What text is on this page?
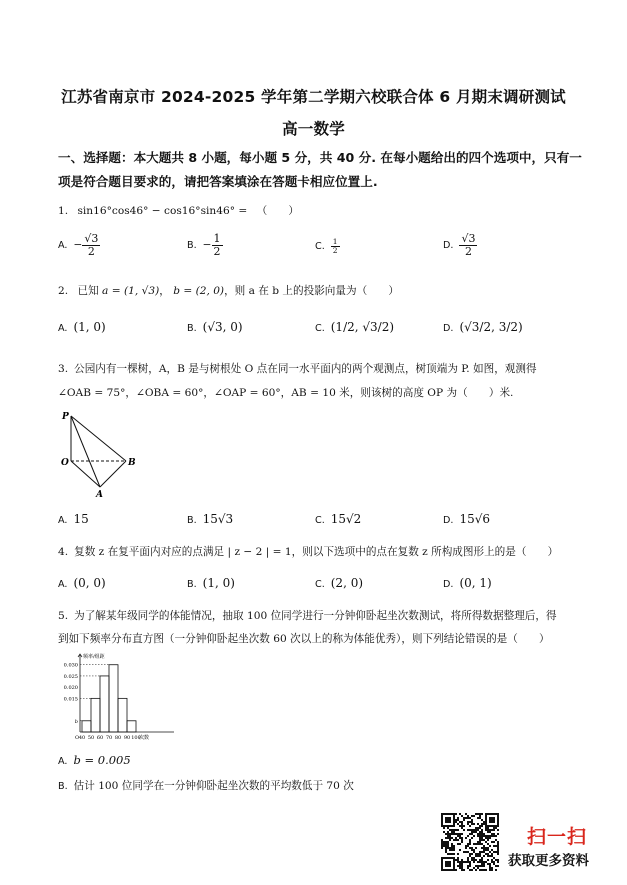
江苏省南京市 2024-2025 学年第二学期六校联合体 6 月期末调研测试
高一数学
一、选择题：本大题共 8 小题，每小题 5 分，共 40 分. 在每小题给出的四个选项中，只有一
项是符合题目要求的，请把答案填涂在答题卡相应位置上.
1. sin16°cos46° − cos16°sin46° = （　　）
A. − $\frac{√3}{2}$	B. − $\frac{1}{2}$	C. $\frac{1}{2}$	D. $\frac{√3}{2}$
2. 已知 a = (1, √3)， b = (2, 0)，则 a 在 b 上的投影向量为（　　）
A. (1, 0)	B. (√3, 0)	C. (1/2, √3/2)	D. (√3/2, 3/2)
3. 公园内有一棵树，A，B 是与树根处 O 点在同一水平面内的两个观测点，树顶端为 P. 如图，观测得
∠OAB = 75°，∠OBA = 60°，∠OAP = 60°，AB = 10 米，则该树的高度 OP 为（　　）米.
P
O	B
A
A. 15	B. 15√3	C. 15√2	D. 15√6
4. 复数 z 在复平面内对应的点满足 | z − 2 | = 1，则以下选项中的点在复数 z 所构成图形上的是（　　）
A. (0, 0)	B. (1, 0)	C. (2, 0)	D. (0, 1)
5. 为了解某年级同学的体能情况，抽取 100 位同学进行一分钟仰卧起坐次数测试，将所得数据整理后，得
到如下频率分布直方图（一分钟仰卧起坐次数 60 次以上的称为体能优秀），则下列结论错误的是（　　）
b
0.015
0.020
0.025
0.030
频率/组距
O 40 50 60 70 80 90 100
次数
A. b = 0.005
B. 估计 100 位同学在一分钟仰卧起坐次数的平均数低于 70 次
扫一扫
获取更多资料
